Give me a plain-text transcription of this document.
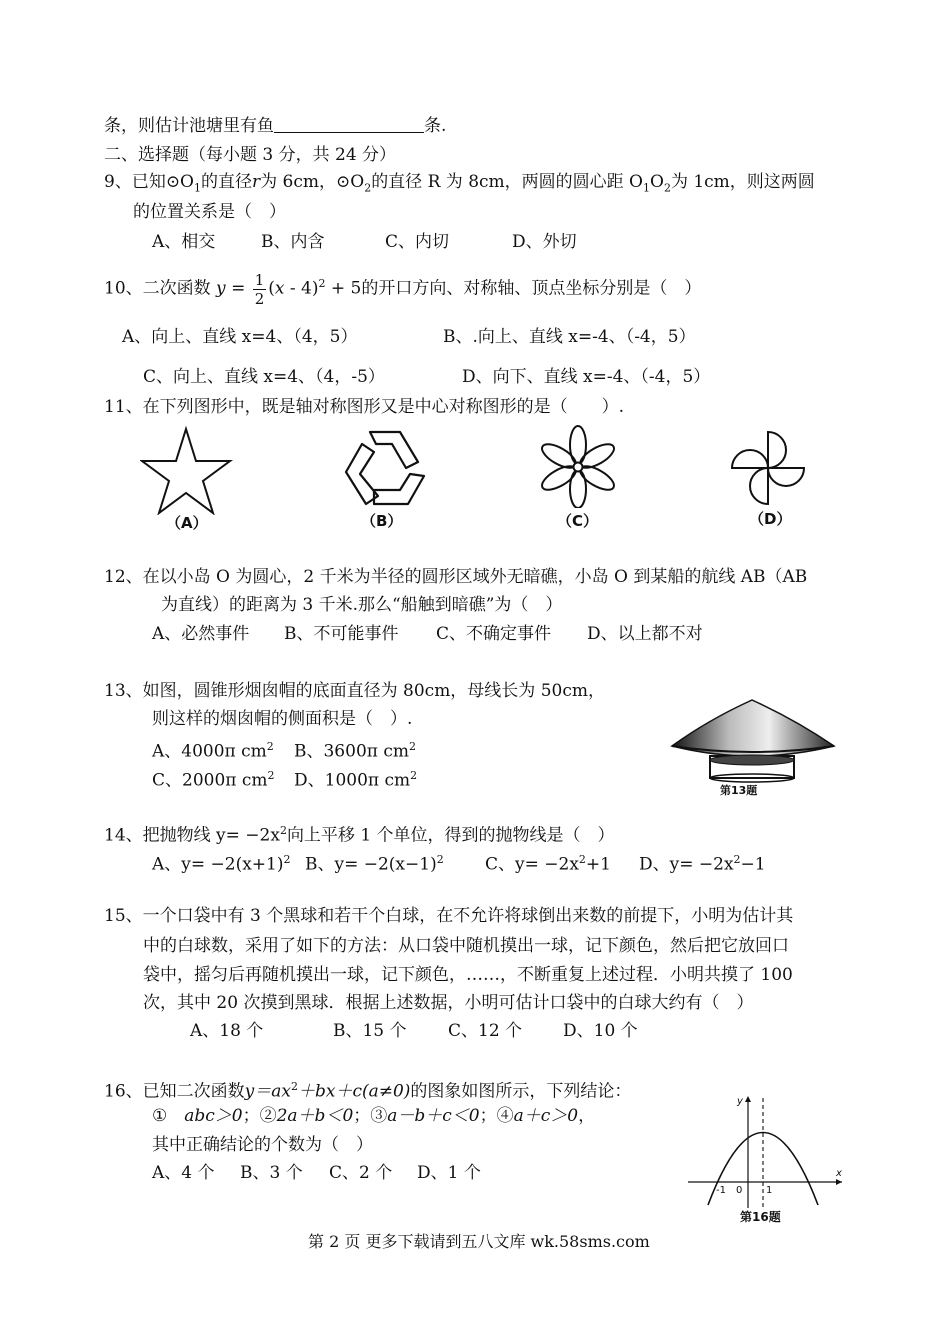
条，则估计池塘里有鱼	条.
二、选择题（每小题 3 分，共 24 分）
9、已知$⊙O_1$的直径r为 6cm，$⊙O_2$的直径 R 为 8cm，两圆的圆心距 $O_1O_2$为 1cm，则这两圆
的位置关系是（　）
A、相交	B、内含	C、内切	D、外切
10、二次函数 $y = \frac{1}{2} (x - 4)^2 + 5$的开口方向、对称轴、顶点坐标分别是（　）
A、向上、直线 x=4、（4，5）	B、.向上、直线 x=-4、（-4，5）
C、向上、直线 x=4、（4，-5）	D、向下、直线 x=-4、（-4，5）
11、在下列图形中，既是轴对称图形又是中心对称图形的是（　　）.
（A）	（B）	（C）	（D）
12、在以小岛 O 为圆心，2 千米为半径的圆形区域外无暗礁，小岛 O 到某船的航线 AB（AB
为直线）的距离为 3 千米.那么“船触到暗礁”为（　）
A、必然事件 B、不可能事件 C、不确定事件 D、以上都不对
13、如图，圆锥形烟囱帽的底面直径为 80cm，母线长为 50cm，
则这样的烟囱帽的侧面积是（　）.
A、4000π $cm^2$ B、3600π $cm^2$
C、2000π $cm^2$ D、1000π $cm^2$
第13题
14、把抛物线 $y= -2x^2$向上平移 1 个单位，得到的抛物线是（　）
A、$y= -2(x+1)^2$ B、$y= -2(x-1)^2$ C、$y= -2x^2+1$ D、$y= -2x^2-1$
15、一个口袋中有 3 个黑球和若干个白球，在不允许将球倒出来数的前提下，小明为估计其
中的白球数，采用了如下的方法：从口袋中随机摸出一球，记下颜色，然后把它放回口
袋中，摇匀后再随机摸出一球，记下颜色，……，不断重复上述过程．小明共摸了 100
次，其中 20 次摸到黑球．根据上述数据，小明可估计口袋中的白球大约有（　）
A、18 个	B、15 个 C、12 个 D、10 个
16、已知二次函数$y=ax^2+bx+c(a\ne 0)$的图象如图所示，下列结论：
①　abc＞0；②2a＋b＜0；③a－b＋c＜0；④a＋c＞0，
其中正确结论的个数为（　）
A、4 个 B、3 个 C、2 个 D、1 个
y
x
-1 0 1
第16题
第 2 页 更多下载请到五八文库 wk.58sms.com
